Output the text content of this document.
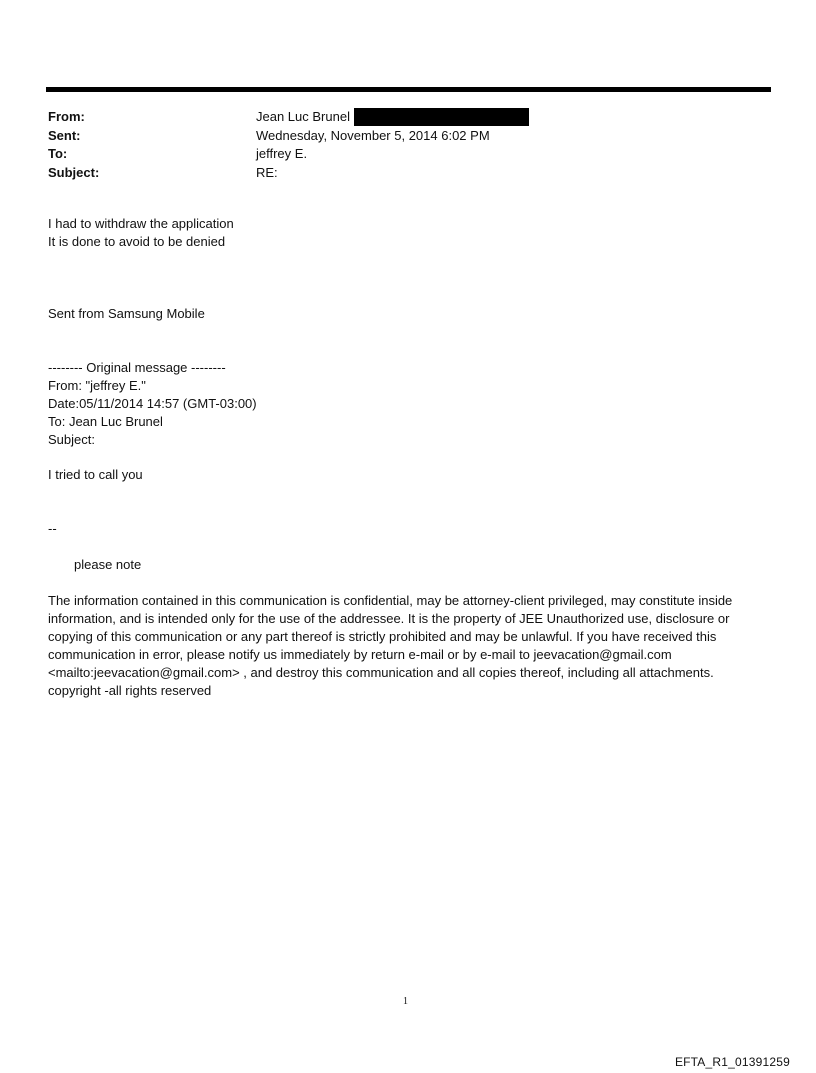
From:	Jean Luc Brunel
Sent:	Wednesday, November 5, 2014 6:02 PM
To:	jeffrey E.
Subject:	RE:
I had to withdraw the application
It is done to avoid to be denied
Sent from Samsung Mobile
-------- Original message --------
From: "jeffrey E."
Date:05/11/2014 14:57 (GMT-03:00)
To: Jean Luc Brunel
Subject:
I tried to call you
--
please note
The information contained in this communication is confidential, may be attorney-client privileged, may constitute inside information, and is intended only for the use of the addressee. It is the property of JEE Unauthorized use, disclosure or copying of this communication or any part thereof is strictly prohibited and may be unlawful. If you have received this communication in error, please notify us immediately by return e-mail or by e-mail to jeevacation@gmail.com <mailto:jeevacation@gmail.com> , and destroy this communication and all copies thereof, including all attachments. copyright -all rights reserved
1
EFTA_R1_01391259
